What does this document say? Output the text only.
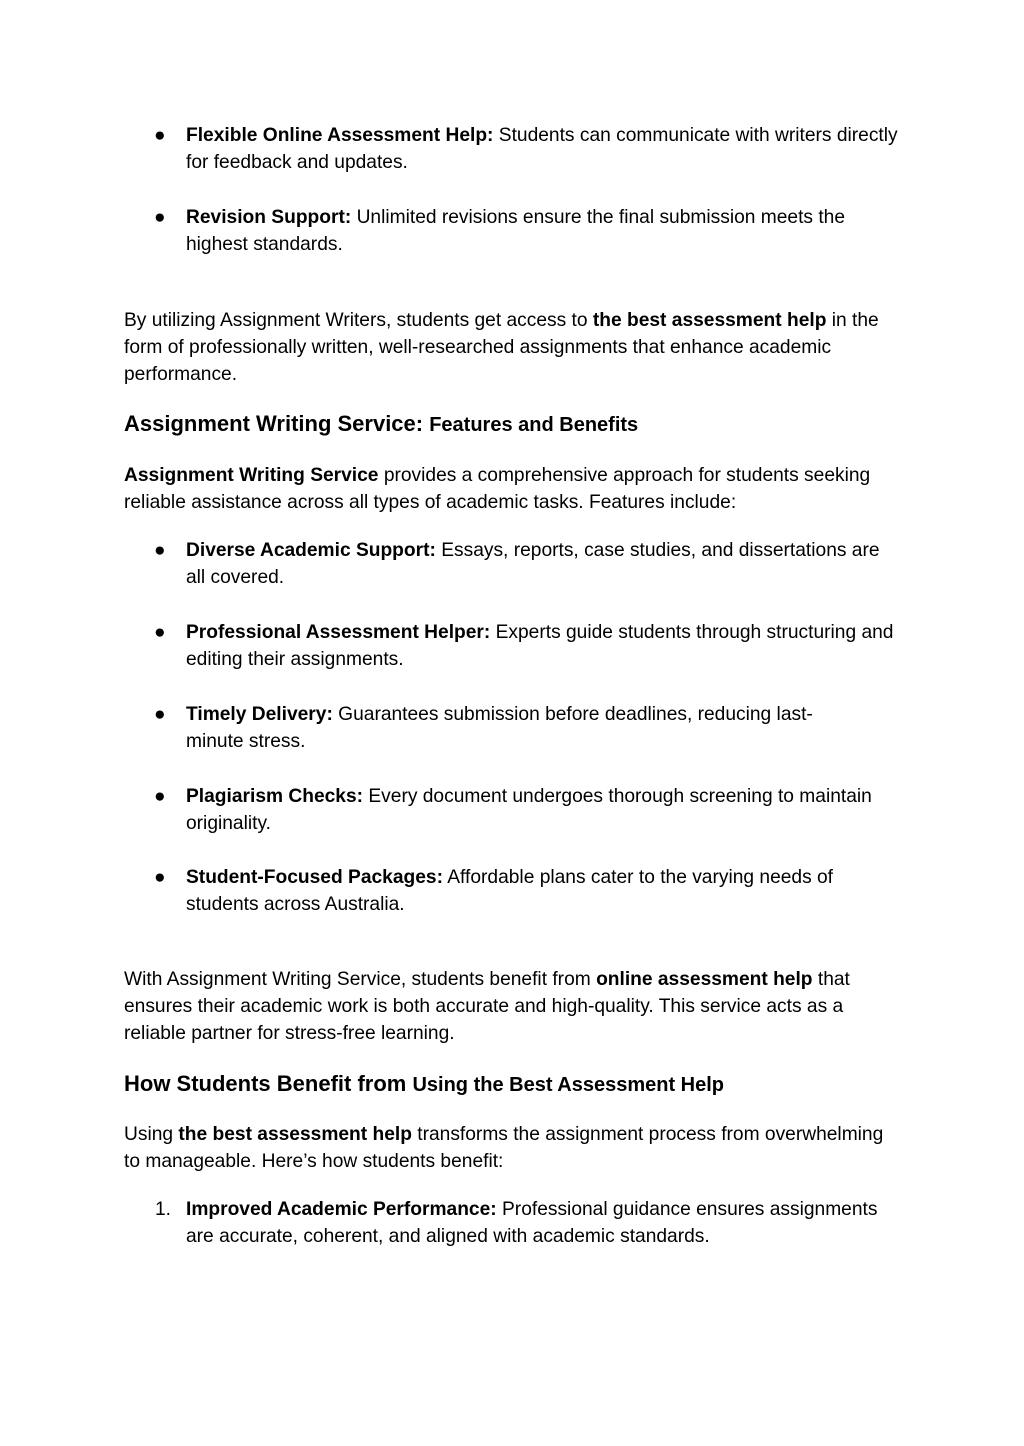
● Flexible Online Assessment Help: Students can communicate with writers directly for feedback and updates.
● Revision Support: Unlimited revisions ensure the final submission meets the highest standards.

By utilizing Assignment Writers, students get access to the best assessment help in the form of professionally written, well-researched assignments that enhance academic performance.

Assignment Writing Service: Features and Benefits

Assignment Writing Service provides a comprehensive approach for students seeking reliable assistance across all types of academic tasks. Features include:

● Diverse Academic Support: Essays, reports, case studies, and dissertations are all covered.
● Professional Assessment Helper: Experts guide students through structuring and editing their assignments.
● Timely Delivery: Guarantees submission before deadlines, reducing last-minute stress.
● Plagiarism Checks: Every document undergoes thorough screening to maintain originality.
● Student-Focused Packages: Affordable plans cater to the varying needs of students across Australia.

With Assignment Writing Service, students benefit from online assessment help that ensures their academic work is both accurate and high-quality. This service acts as a reliable partner for stress-free learning.

How Students Benefit from Using the Best Assessment Help

Using the best assessment help transforms the assignment process from overwhelming to manageable. Here’s how students benefit:

1. Improved Academic Performance: Professional guidance ensures assignments are accurate, coherent, and aligned with academic standards.
